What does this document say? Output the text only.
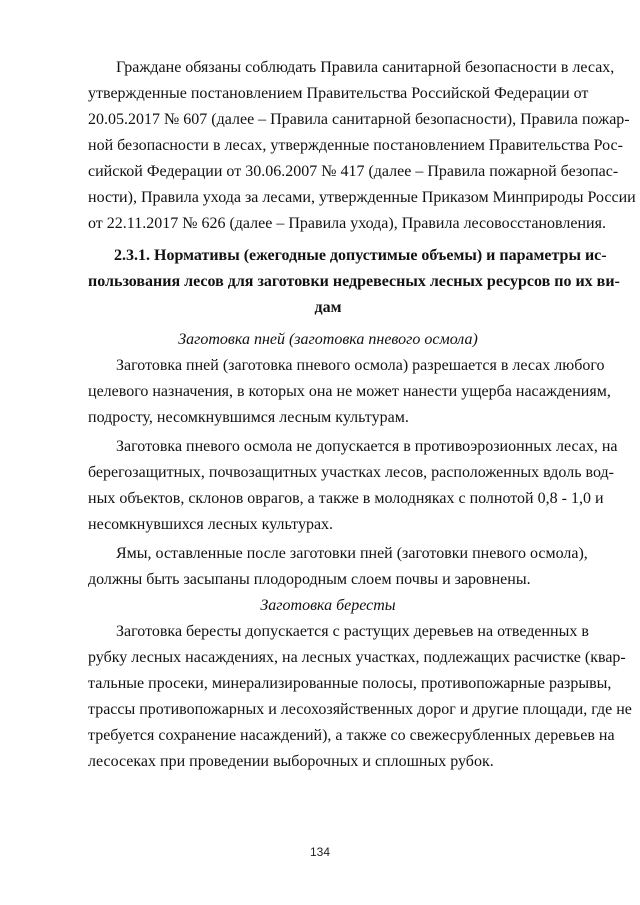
Граждане обязаны соблюдать Правила санитарной безопасности в лесах,
утвержденные постановлением Правительства Российской Федерации от
20.05.2017 № 607 (далее – Правила санитарной безопасности), Правила пожар-
ной безопасности в лесах, утвержденные постановлением Правительства Рос-
сийской Федерации от 30.06.2007 № 417 (далее – Правила пожарной безопас-
ности), Правила ухода за лесами, утвержденные Приказом Минприроды России
от 22.11.2017 № 626 (далее – Правила ухода), Правила лесовосстановления.
2.3.1. Нормативы (ежегодные допустимые объемы) и параметры ис-
пользования лесов для заготовки недревесных лесных ресурсов по их ви-
дам
Заготовка пней (заготовка пневого осмола)
Заготовка пней (заготовка пневого осмола) разрешается в лесах любого
целевого назначения, в которых она не может нанести ущерба насаждениям,
подросту, несомкнувшимся лесным культурам.
Заготовка пневого осмола не допускается в противоэрозионных лесах, на
берегозащитных, почвозащитных участках лесов, расположенных вдоль вод-
ных объектов, склонов оврагов, а также в молодняках с полнотой 0,8 - 1,0 и
несомкнувшихся лесных культурах.
Ямы, оставленные после заготовки пней (заготовки пневого осмола),
должны быть засыпаны плодородным слоем почвы и заровнены.
Заготовка бересты
Заготовка бересты допускается с растущих деревьев на отведенных в
рубку лесных насаждениях, на лесных участках, подлежащих расчистке (квар-
тальные просеки, минерализированные полосы, противопожарные разрывы,
трассы противопожарных и лесохозяйственных дорог и другие площади, где не
требуется сохранение насаждений), а также со свежесрубленных деревьев на
лесосеках при проведении выборочных и сплошных рубок.
134
